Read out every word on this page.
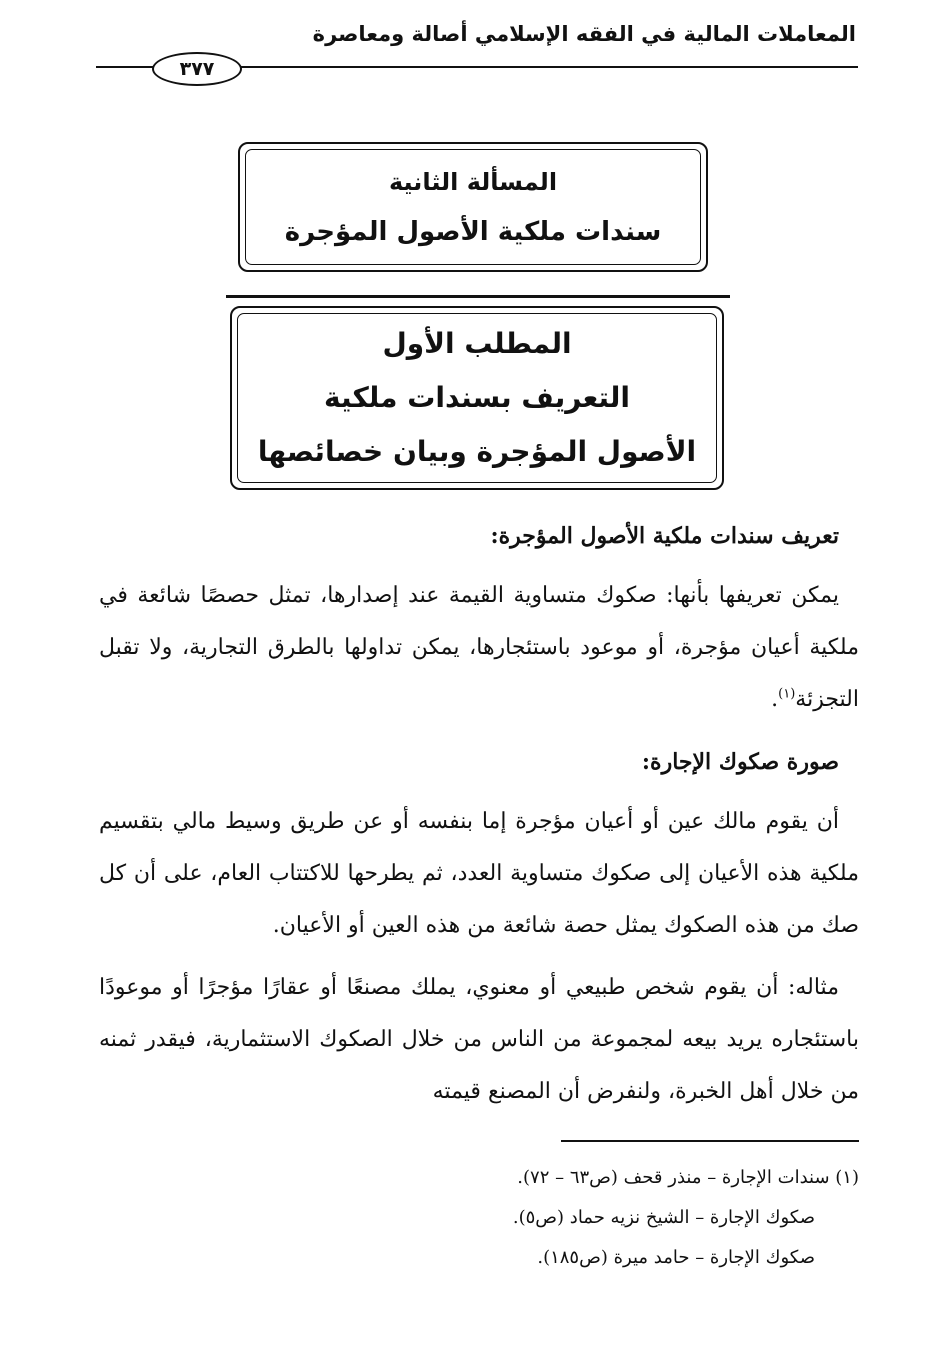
المعاملات المالية في الفقه الإسلامي أصالة ومعاصرة
٣٧٧
المسألة الثانية
سندات ملكية الأصول المؤجرة
المطلب الأول
التعريف بسندات ملكية
الأصول المؤجرة وبيان خصائصها

تعريف سندات ملكية الأصول المؤجرة:

يمكن تعريفها بأنها: صكوك متساوية القيمة عند إصدارها، تمثل حصصًا شائعة في ملكية أعيان مؤجرة، أو موعود باستئجارها، يمكن تداولها بالطرق التجارية، ولا تقبل التجزئة$^{(١)}$.

صورة صكوك الإجارة:

أن يقوم مالك عين أو أعيان مؤجرة إما بنفسه أو عن طريق وسيط مالي بتقسيم ملكية هذه الأعيان إلى صكوك متساوية العدد، ثم يطرحها للاكتتاب العام، على أن كل صك من هذه الصكوك يمثل حصة شائعة من هذه العين أو الأعيان.

مثاله: أن يقوم شخص طبيعي أو معنوي، يملك مصنعًا أو عقارًا مؤجرًا أو موعودًا باستئجاره يريد بيعه لمجموعة من الناس من خلال الصكوك الاستثمارية، فيقدر ثمنه من خلال أهل الخبرة، ولنفرض أن المصنع قيمته

(١) سندات الإجارة – منذر قحف (ص٦٣ – ٧٢).
صكوك الإجارة – الشيخ نزيه حماد (ص٥).
صكوك الإجارة – حامد ميرة (ص١٨٥).
